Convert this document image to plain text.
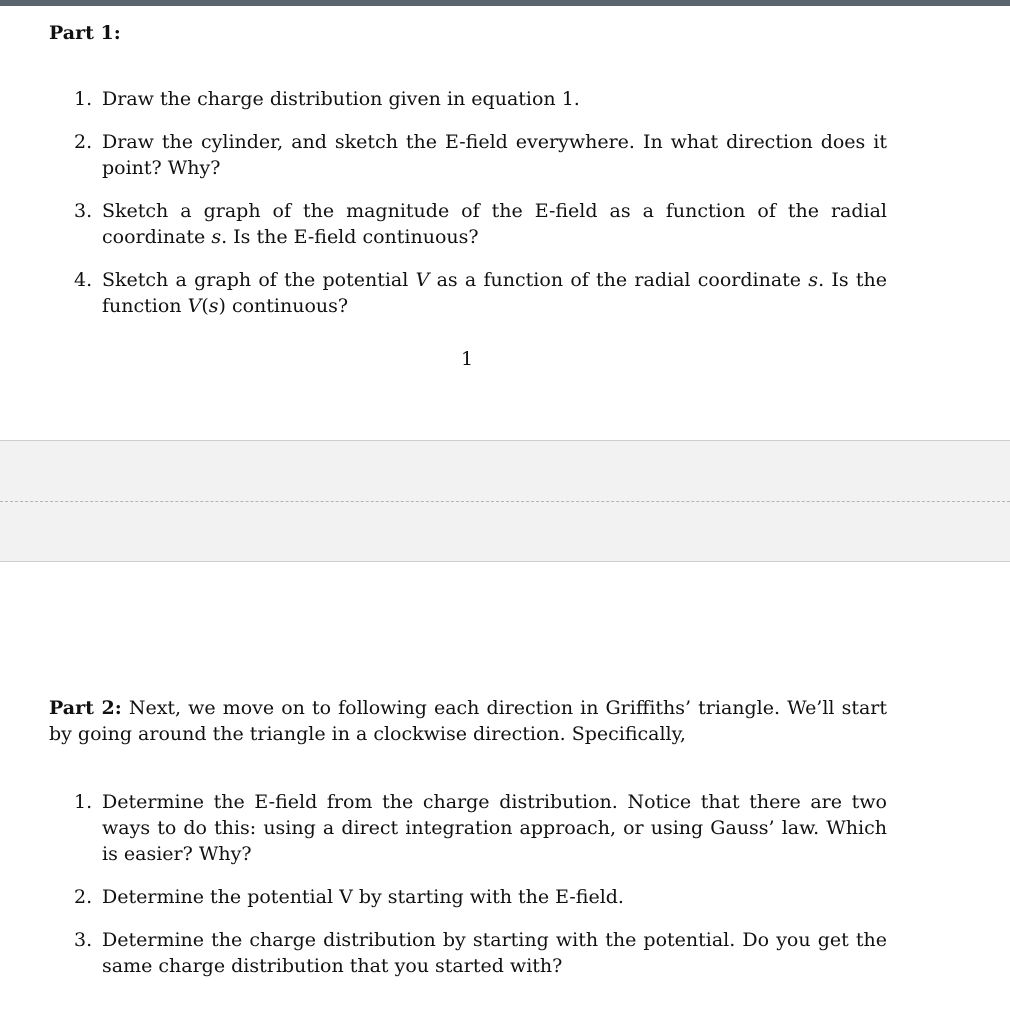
Part 1:
1. Draw the charge distribution given in equation 1.
2. Draw the cylinder, and sketch the E-field everywhere. In what direction does it point? Why?
3. Sketch a graph of the magnitude of the E-field as a function of the radial coordinate s. Is the E-field continuous?
4. Sketch a graph of the potential V as a function of the radial coordinate s. Is the function V(s) continuous?
1
Part 2: Next, we move on to following each direction in Griffiths’ triangle. We’ll start by going around the triangle in a clockwise direction. Specifically,
1. Determine the E-field from the charge distribution. Notice that there are two ways to do this: using a direct integration approach, or using Gauss’ law. Which is easier? Why?
2. Determine the potential V by starting with the E-field.
3. Determine the charge distribution by starting with the potential. Do you get the same charge distribution that you started with?
